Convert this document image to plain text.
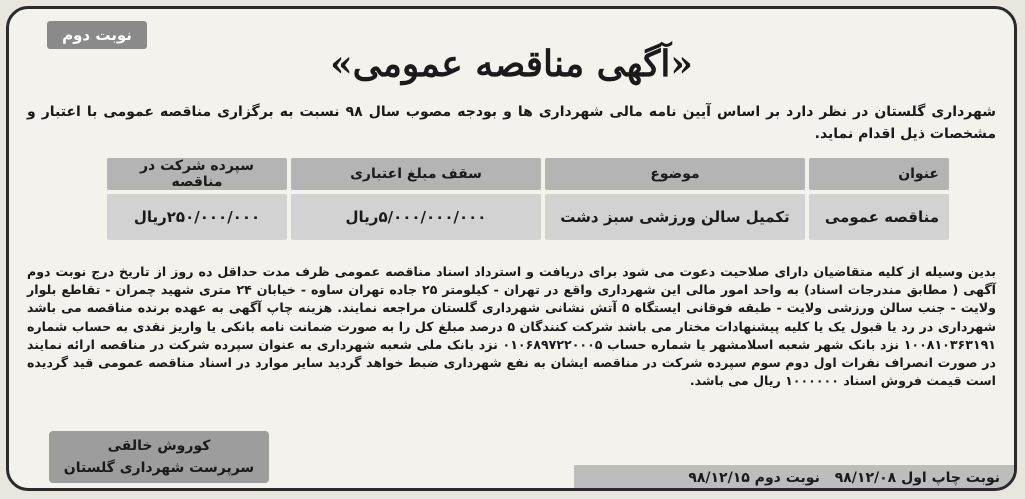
نوبت دوم
«آگهی مناقصه عمومی»
شهرداری گلستان در نظر دارد بر اساس آیین نامه مالی شهرداری ها و بودجه مصوب سال ۹۸ نسبت به برگزاری مناقصه عمومی با اعتبار و مشخصات ذیل اقدام نماید.
عنوان	موضوع	سقف مبلغ اعتباری	سپرده شرکت در مناقصه
مناقصه عمومی	تکمیل سالن ورزشی سبز دشت	۵/۰۰۰/۰۰۰/۰۰۰ریال	۲۵۰/۰۰۰/۰۰۰ریال
بدین وسیله از کلیه متقاضیان دارای صلاحیت دعوت می شود برای دریافت و استرداد اسناد مناقصه عمومی ظرف مدت حداقل ده روز از تاریخ درج نوبت دوم آگهی ( مطابق مندرجات اسناد) به واحد امور مالی این شهرداری واقع در تهران - کیلومتر ۲۵ جاده تهران ساوه - خیابان ۲۴ متری شهید چمران - تقاطع بلوار ولایت - جنب سالن ورزشی ولایت - طبقه فوقانی ایستگاه ۵ آتش نشانی شهرداری گلستان مراجعه نمایند. هزینه چاپ آگهی به عهده برنده مناقصه می باشد شهرداری در رد یا قبول یک یا کلیه پیشنهادات مختار می باشد شرکت کنندگان ۵ درصد مبلغ کل را به صورت ضمانت نامه بانکی یا واریز نقدی به حساب شماره ۱۰۰۸۱۰۳۶۳۱۹۱ نزد بانک شهر شعبه اسلامشهر یا شماره حساب ۰۱۰۶۸۹۷۲۲۰۰۰۵ نزد بانک ملی شعبه شهرداری به عنوان سپرده شرکت در مناقصه ارائه نمایند در صورت انصراف نفرات اول دوم سوم سپرده شرکت در مناقصه ایشان به نفع شهرداری ضبط خواهد گردید سایر موارد در اسناد مناقصه عمومی قید گردیده است قیمت فروش اسناد ۱۰۰۰۰۰۰ ریال می باشد.
کوروش خالقی
سرپرست شهرداری گلستان
نوبت چاپ اول ۹۸/۱۲/۰۸ نوبت دوم ۹۸/۱۲/۱۵
